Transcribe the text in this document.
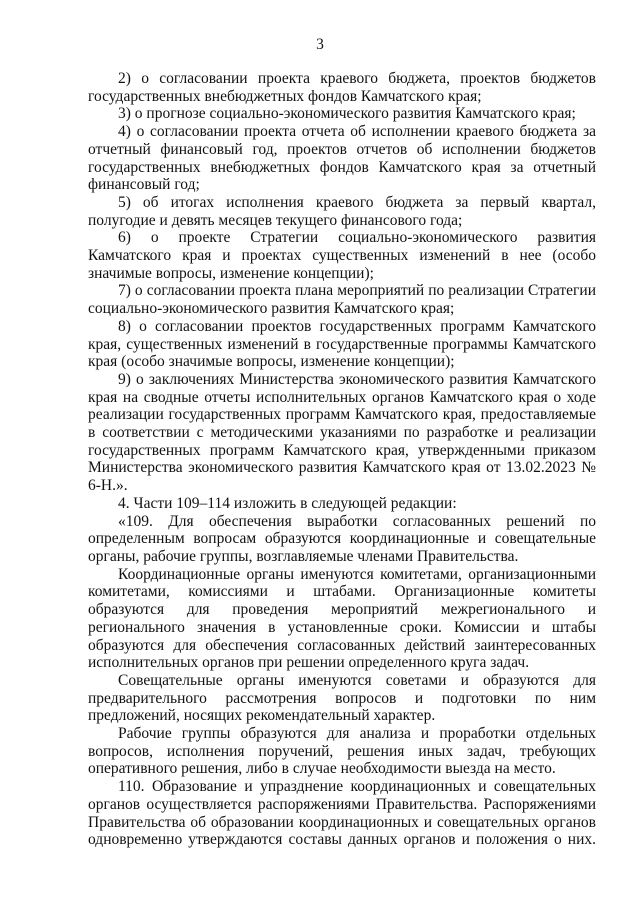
3

2) о согласовании проекта краевого бюджета, проектов бюджетов государственных внебюджетных фондов Камчатского края;

3) о прогнозе социально-экономического развития Камчатского края;

4) о согласовании проекта отчета об исполнении краевого бюджета за отчетный финансовый год, проектов отчетов об исполнении бюджетов государственных внебюджетных фондов Камчатского края за отчетный финансовый год;

5) об итогах исполнения краевого бюджета за первый квартал, полугодие и девять месяцев текущего финансового года;

6) о проекте Стратегии социально-экономического развития Камчатского края и проектах существенных изменений в нее (особо значимые вопросы, изменение концепции);

7) о согласовании проекта плана мероприятий по реализации Стратегии социально-экономического развития Камчатского края;

8) о согласовании проектов государственных программ Камчатского края, существенных изменений в государственные программы Камчатского края (особо значимые вопросы, изменение концепции);

9) о заключениях Министерства экономического развития Камчатского края на сводные отчеты исполнительных органов Камчатского края о ходе реализации государственных программ Камчатского края, предоставляемые в соответствии с методическими указаниями по разработке и реализации государственных программ Камчатского края, утвержденными приказом Министерства экономического развития Камчатского края от 13.02.2023 № 6-Н.».

4. Части 109–114 изложить в следующей редакции:

«109. Для обеспечения выработки согласованных решений по определенным вопросам образуются координационные и совещательные органы, рабочие группы, возглавляемые членами Правительства.

Координационные органы именуются комитетами, организационными комитетами, комиссиями и штабами. Организационные комитеты образуются для проведения мероприятий межрегионального и регионального значения в установленные сроки. Комиссии и штабы образуются для обеспечения согласованных действий заинтересованных исполнительных органов при решении определенного круга задач.

Совещательные органы именуются советами и образуются для предварительного рассмотрения вопросов и подготовки по ним предложений, носящих рекомендательный характер.

Рабочие группы образуются для анализа и проработки отдельных вопросов, исполнения поручений, решения иных задач, требующих оперативного решения, либо в случае необходимости выезда на место.

110. Образование и упразднение координационных и совещательных органов осуществляется распоряжениями Правительства. Распоряжениями Правительства об образовании координационных и совещательных органов одновременно утверждаются составы данных органов и положения о них.
